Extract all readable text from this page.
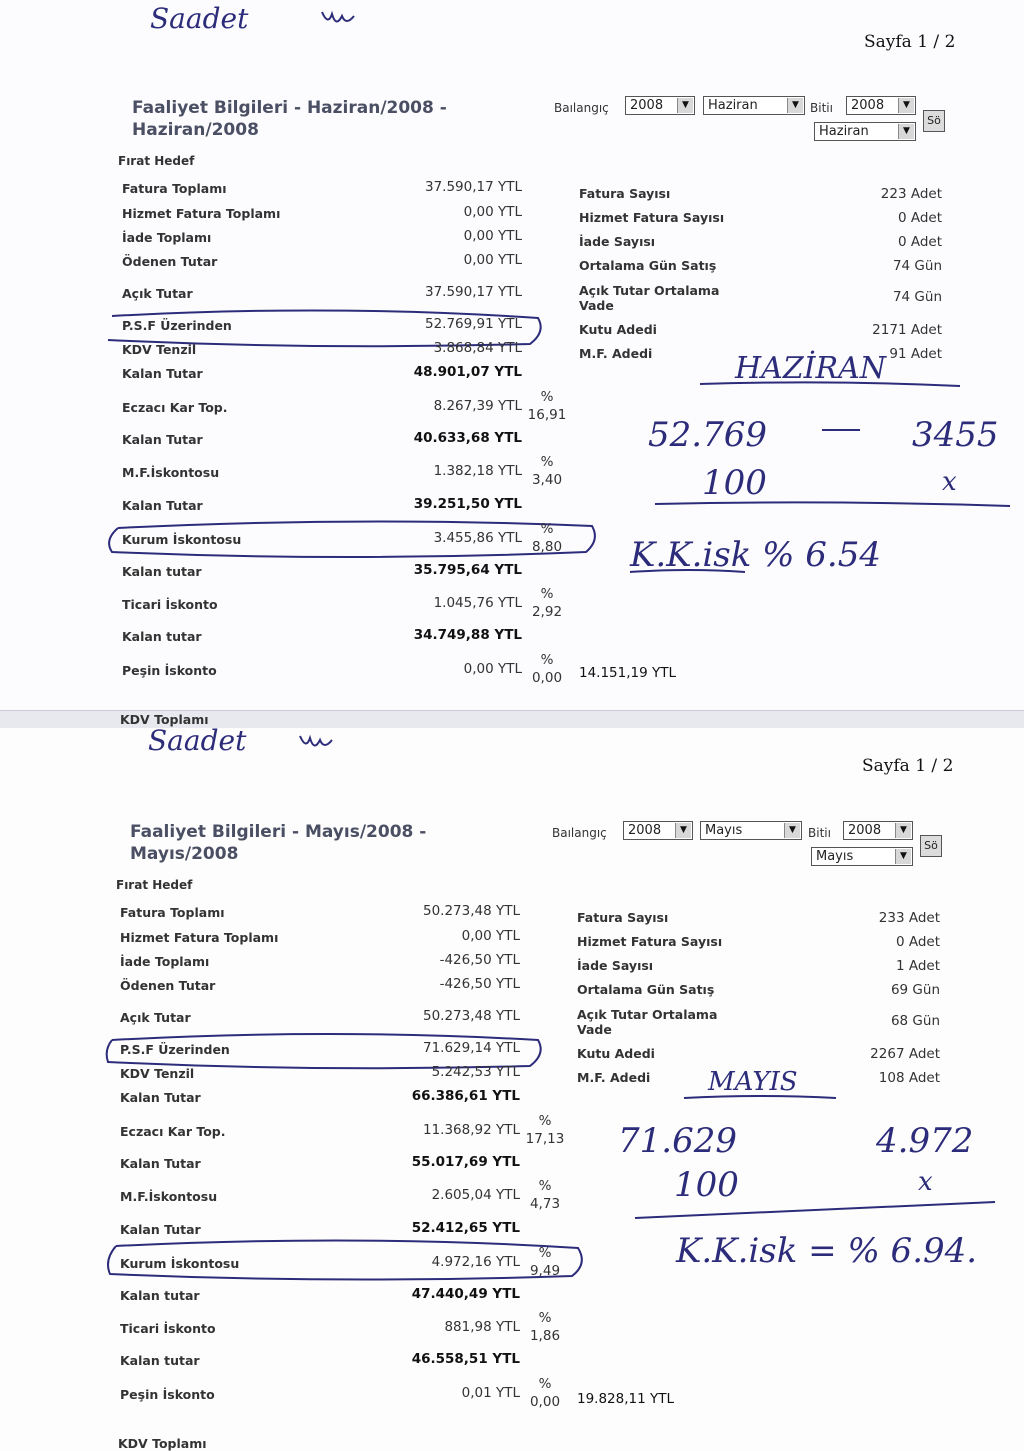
Saadet
HAZİRAN
52.769	3455
100	x
K.K.isk % 6.54
Sayfa 1 / 2
Faaliyet Bilgileri - Haziran/2008 - Haziran/2008
Baılangıç	2008	▼	Haziran	▼ Bitiı	2008	▼
Haziran	▼
Sö
Fırat Hedef
Fatura Toplamı	37.590,17 YTL
Hizmet Fatura Toplamı	0,00 YTL
İade Toplamı	0,00 YTL
Ödenen Tutar	0,00 YTL
Açık Tutar	37.590,17 YTL
P.S.F Üzerinden	52.769,91 YTL
KDV Tenzil	3.868,84 YTL
Kalan Tutar	48.901,07 YTL
Eczacı Kar Top.	8.267,39 YTL
%
16,91
Kalan Tutar	40.633,68 YTL
M.F.İskontosu	1.382,18 YTL
%
3,40
Kalan Tutar	39.251,50 YTL
Kurum İskontosu	3.455,86 YTL
%
8,80
Kalan tutar	35.795,64 YTL
Ticari İskonto	1.045,76 YTL
%
2,92
Kalan tutar	34.749,88 YTL
Peşin İskonto	0,00 YTL
%
0,00
Fatura Sayısı	223 Adet
Hizmet Fatura Sayısı	0 Adet
İade Sayısı	0 Adet
Ortalama Gün Satış	74 Gün
Açık Tutar Ortalama Vade
74 Gün
Kutu Adedi	2171 Adet
M.F. Adedi	91 Adet
14.151,19 YTL
KDV Toplamı
Saadet
MAYIS
71.629	4.972
100	x
K.K.isk = % 6.94.
Sayfa 1 / 2
Faaliyet Bilgileri - Mayıs/2008 - Mayıs/2008
Baılangıç	2008	▼	Mayıs	▼	Bitiı	2008	▼
Mayıs	▼
Sö
Fırat Hedef
Fatura Toplamı	50.273,48 YTL
Hizmet Fatura Toplamı	0,00 YTL
İade Toplamı	-426,50 YTL
Ödenen Tutar	-426,50 YTL
Açık Tutar	50.273,48 YTL
P.S.F Üzerinden	71.629,14 YTL
KDV Tenzil	5.242,53 YTL
Kalan Tutar	66.386,61 YTL
Eczacı Kar Top.	11.368,92 YTL
%
17,13
Kalan Tutar	55.017,69 YTL
M.F.İskontosu	2.605,04 YTL
%
4,73
Kalan Tutar	52.412,65 YTL
Kurum İskontosu	4.972,16 YTL
%
9,49
Kalan tutar	47.440,49 YTL
Ticari İskonto	881,98 YTL
%
1,86
Kalan tutar	46.558,51 YTL
Peşin İskonto	0,01 YTL
%
0,00
Fatura Sayısı	233 Adet
Hizmet Fatura Sayısı	0 Adet
İade Sayısı	1 Adet
Ortalama Gün Satış	69 Gün
Açık Tutar Ortalama Vade
68 Gün
Kutu Adedi	2267 Adet
M.F. Adedi	108 Adet
19.828,11 YTL
KDV Toplamı
